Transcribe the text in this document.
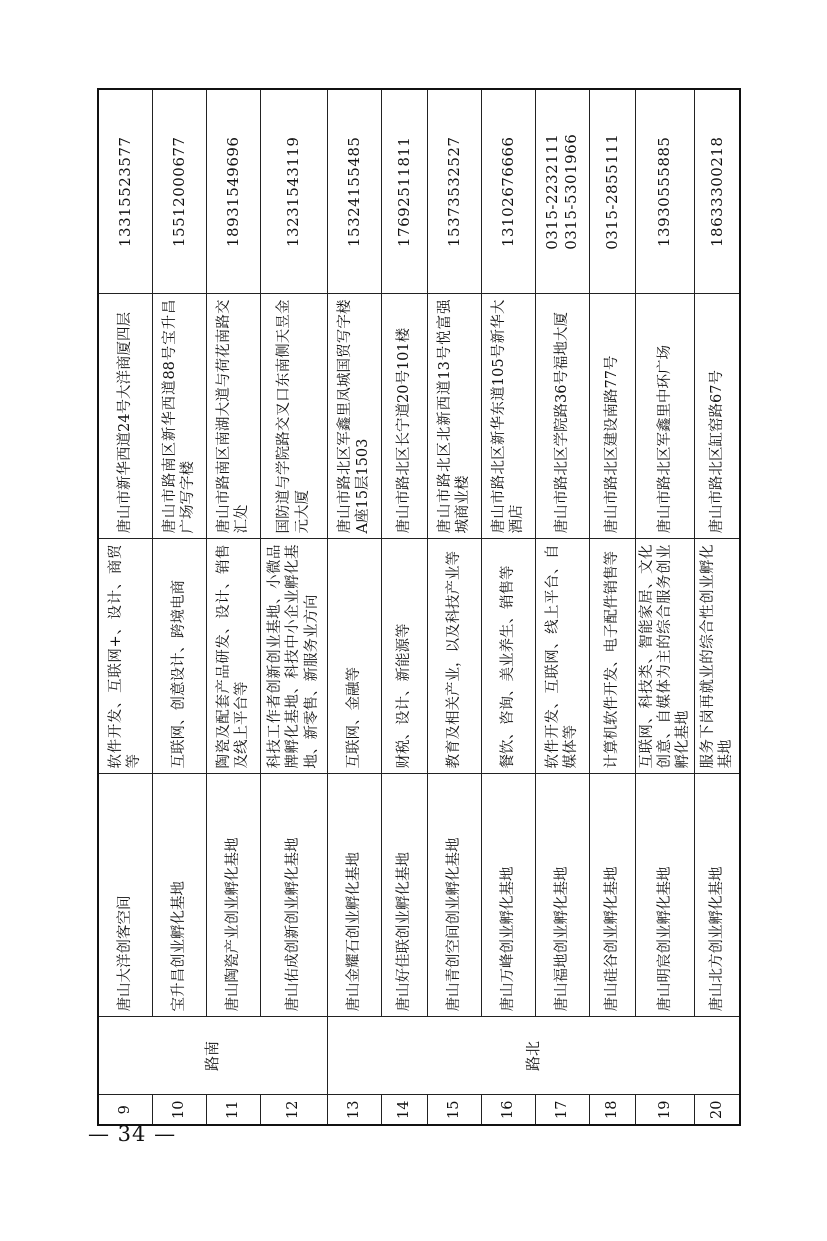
— 34 —
9	路南	唐山大洋创客空间	软件开发、互联网+、设计、商贸等	唐山市新华西道24号大洋商厦四层	13315523577

10		宝升昌创业孵化基地	互联网、创意设计、跨境电商	唐山市路南区新华西道88号宝升昌广场写字楼	15512000677

11		唐山陶瓷产业创业孵化基地	陶瓷及配套产品研发、设计、销售及线上平台等	唐山市路南区南湖大道与荷花南路交汇处	18931549696

12		唐山佑成创新创业孵化基地	科技工作者创新创业基地、小微品牌孵化基地、科技中小企业孵化基地、新零售、新服务业方向	国防道与学院路交叉口东南侧天昱金元大厦	13231543119

13	路北	唐山金耀石创业孵化基地	互联网、金融等	唐山市路北区军鑫里凤城国贸写字楼A座15层1503	15324155485

14		唐山好佳联创业孵化基地	财税、设计、新能源等	唐山市路北区长宁道20号101楼	17692511811

15		唐山青创空间创业孵化基地	教育及相关产业，以及科技产业等	唐山市路北区北新西道13号悦富强城商业楼	15373532527

16		唐山万峰创业孵化基地	餐饮、咨询、美业养生、销售等	唐山市路北区新华东道105号新华大酒店	13102676666

17		唐山福地创业孵化基地	软件开发、互联网、线上平台、自媒体等	唐山市路北区学院路36号福地大厦	0315-2232111 0315-5301966

18		唐山硅谷创业孵化基地	计算机软件开发、电子配件销售等	唐山市路北区建设南路77号	0315-2855111

19		唐山明宸创业孵化基地	互联网、科技类、智能家居、文化创意、自媒体为主的综合服务创业孵化基地	唐山市路北区军鑫里中环广场	13930555885

20		唐山北方创业孵化基地	服务下岗再就业的综合性创业孵化基地	唐山市路北区缸窑路67号	18633300218
